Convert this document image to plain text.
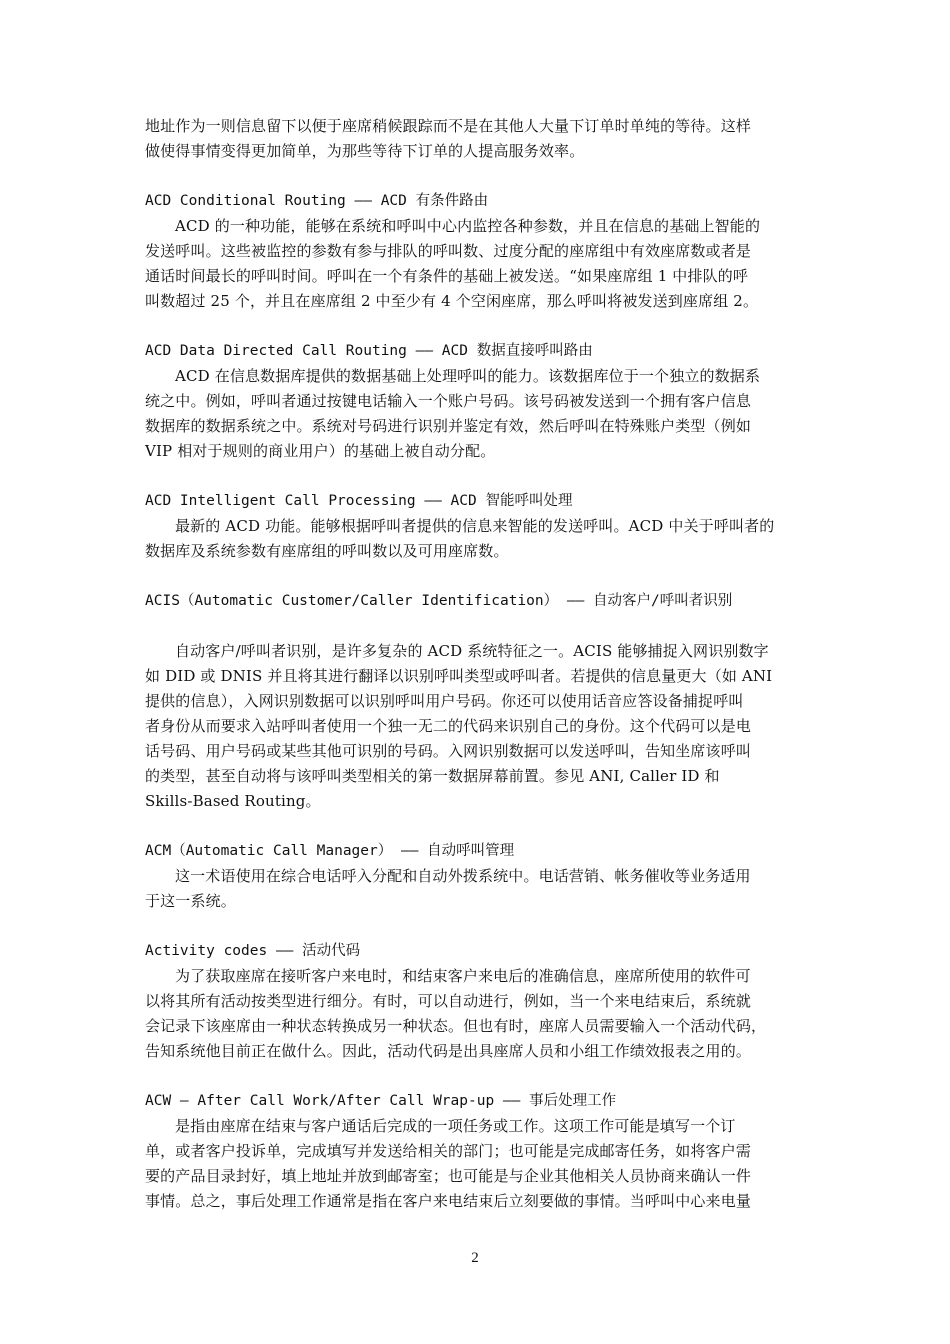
地址作为一则信息留下以便于座席稍候跟踪而不是在其他人大量下订单时单纯的等待。这样
做使得事情变得更加简单，为那些等待下订单的人提高服务效率。
ACD Conditional Routing —— ACD 有条件路由
ACD 的一种功能，能够在系统和呼叫中心内监控各种参数，并且在信息的基础上智能的
发送呼叫。这些被监控的参数有参与排队的呼叫数、过度分配的座席组中有效座席数或者是
通话时间最长的呼叫时间。呼叫在一个有条件的基础上被发送。“如果座席组 1 中排队的呼
叫数超过 25 个，并且在座席组 2 中至少有 4 个空闲座席，那么呼叫将被发送到座席组 2。
ACD Data Directed Call Routing —— ACD 数据直接呼叫路由
ACD 在信息数据库提供的数据基础上处理呼叫的能力。该数据库位于一个独立的数据系
统之中。例如，呼叫者通过按键电话输入一个账户号码。该号码被发送到一个拥有客户信息
数据库的数据系统之中。系统对号码进行识别并鉴定有效，然后呼叫在特殊账户类型（例如
VIP 相对于规则的商业用户）的基础上被自动分配。
ACD Intelligent Call Processing —— ACD 智能呼叫处理
最新的 ACD 功能。能够根据呼叫者提供的信息来智能的发送呼叫。ACD 中关于呼叫者的
数据库及系统参数有座席组的呼叫数以及可用座席数。
ACIS（Automatic Customer/Caller Identification） —— 自动客户/呼叫者识别
自动客户/呼叫者识别，是许多复杂的 ACD 系统特征之一。ACIS 能够捕捉入网识别数字
如 DID 或 DNIS 并且将其进行翻译以识别呼叫类型或呼叫者。若提供的信息量更大（如 ANI
提供的信息），入网识别数据可以识别呼叫用户号码。你还可以使用话音应答设备捕捉呼叫
者身份从而要求入站呼叫者使用一个独一无二的代码来识别自己的身份。这个代码可以是电
话号码、用户号码或某些其他可识别的号码。入网识别数据可以发送呼叫，告知坐席该呼叫
的类型，甚至自动将与该呼叫类型相关的第一数据屏幕前置。参见 ANI, Caller ID 和
Skills-Based Routing。
ACM（Automatic Call Manager） —— 自动呼叫管理
这一术语使用在综合电话呼入分配和自动外拨系统中。电话营销、帐务催收等业务适用
于这一系统。
Activity codes —— 活动代码
为了获取座席在接听客户来电时，和结束客户来电后的准确信息，座席所使用的软件可
以将其所有活动按类型进行细分。有时，可以自动进行，例如，当一个来电结束后，系统就
会记录下该座席由一种状态转换成另一种状态。但也有时，座席人员需要输入一个活动代码，
告知系统他目前正在做什么。因此，活动代码是出具座席人员和小组工作绩效报表之用的。
ACW – After Call Work/After Call Wrap-up —— 事后处理工作
是指由座席在结束与客户通话后完成的一项任务或工作。这项工作可能是填写一个订
单，或者客户投诉单，完成填写并发送给相关的部门；也可能是完成邮寄任务，如将客户需
要的产品目录封好，填上地址并放到邮寄室；也可能是与企业其他相关人员协商来确认一件
事情。总之，事后处理工作通常是指在客户来电结束后立刻要做的事情。当呼叫中心来电量
2
